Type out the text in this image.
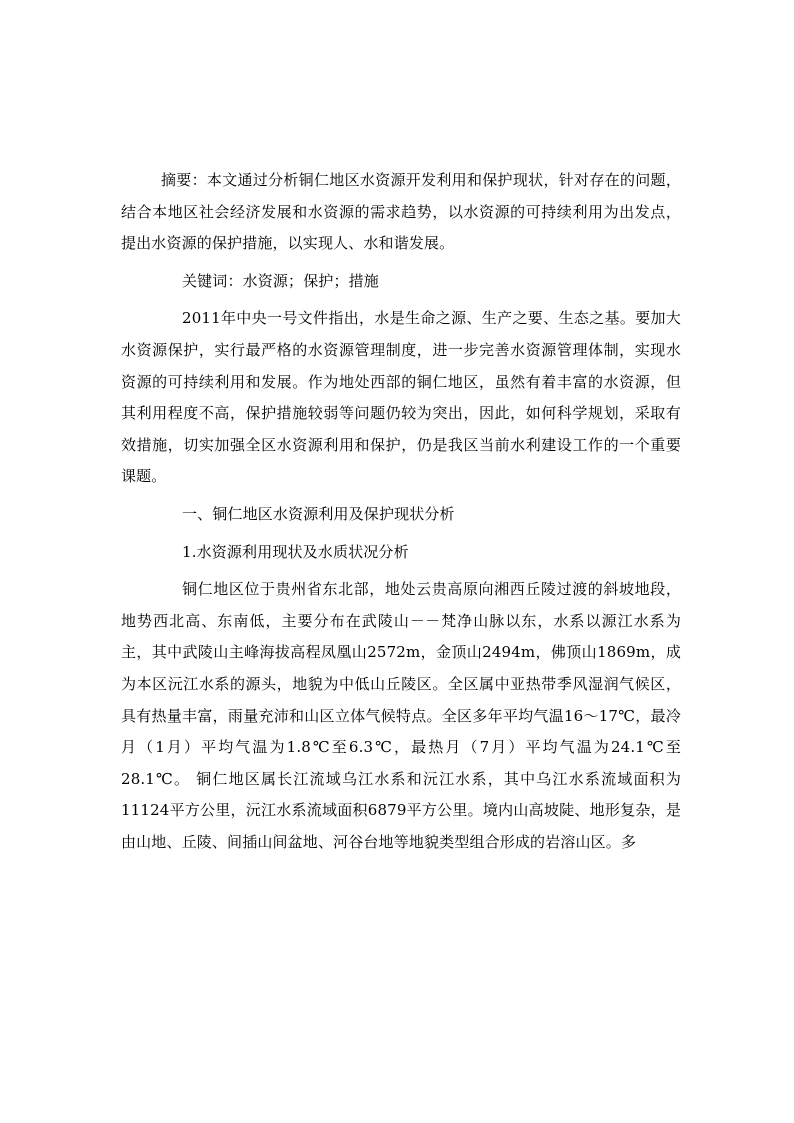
摘要：本文通过分析铜仁地区水资源开发利用和保护现状，针对存在的问题，结合本地区社会经济发展和水资源的需求趋势，以水资源的可持续利用为出发点，提出水资源的保护措施，以实现人、水和谐发展。

关键词：水资源；保护；措施

2011年中央一号文件指出，水是生命之源、生产之要、生态之基。要加大水资源保护，实行最严格的水资源管理制度，进一步完善水资源管理体制，实现水资源的可持续利用和发展。作为地处西部的铜仁地区，虽然有着丰富的水资源，但其利用程度不高，保护措施较弱等问题仍较为突出，因此，如何科学规划，采取有效措施，切实加强全区水资源利用和保护，仍是我区当前水利建设工作的一个重要课题。

一、铜仁地区水资源利用及保护现状分析

1.水资源利用现状及水质状况分析

铜仁地区位于贵州省东北部，地处云贵高原向湘西丘陵过渡的斜坡地段，地势西北高、东南低，主要分布在武陵山－－梵净山脉以东，水系以源江水系为主，其中武陵山主峰海拔高程凤凰山2572m，金顶山2494m，佛顶山1869m，成为本区沅江水系的源头，地貌为中低山丘陵区。全区属中亚热带季风湿润气候区，具有热量丰富，雨量充沛和山区立体气候特点。全区多年平均气温16～17℃，最冷月（1月）平均气温为1.8℃至6.3℃，最热月（7月）平均气温为24.1℃至28.1℃。 铜仁地区属长江流域乌江水系和沅江水系，其中乌江水系流域面积为11124平方公里，沅江水系流域面积6879平方公里。境内山高坡陡、地形复杂，是由山地、丘陵、间插山间盆地、河谷台地等地貌类型组合形成的岩溶山区。多
